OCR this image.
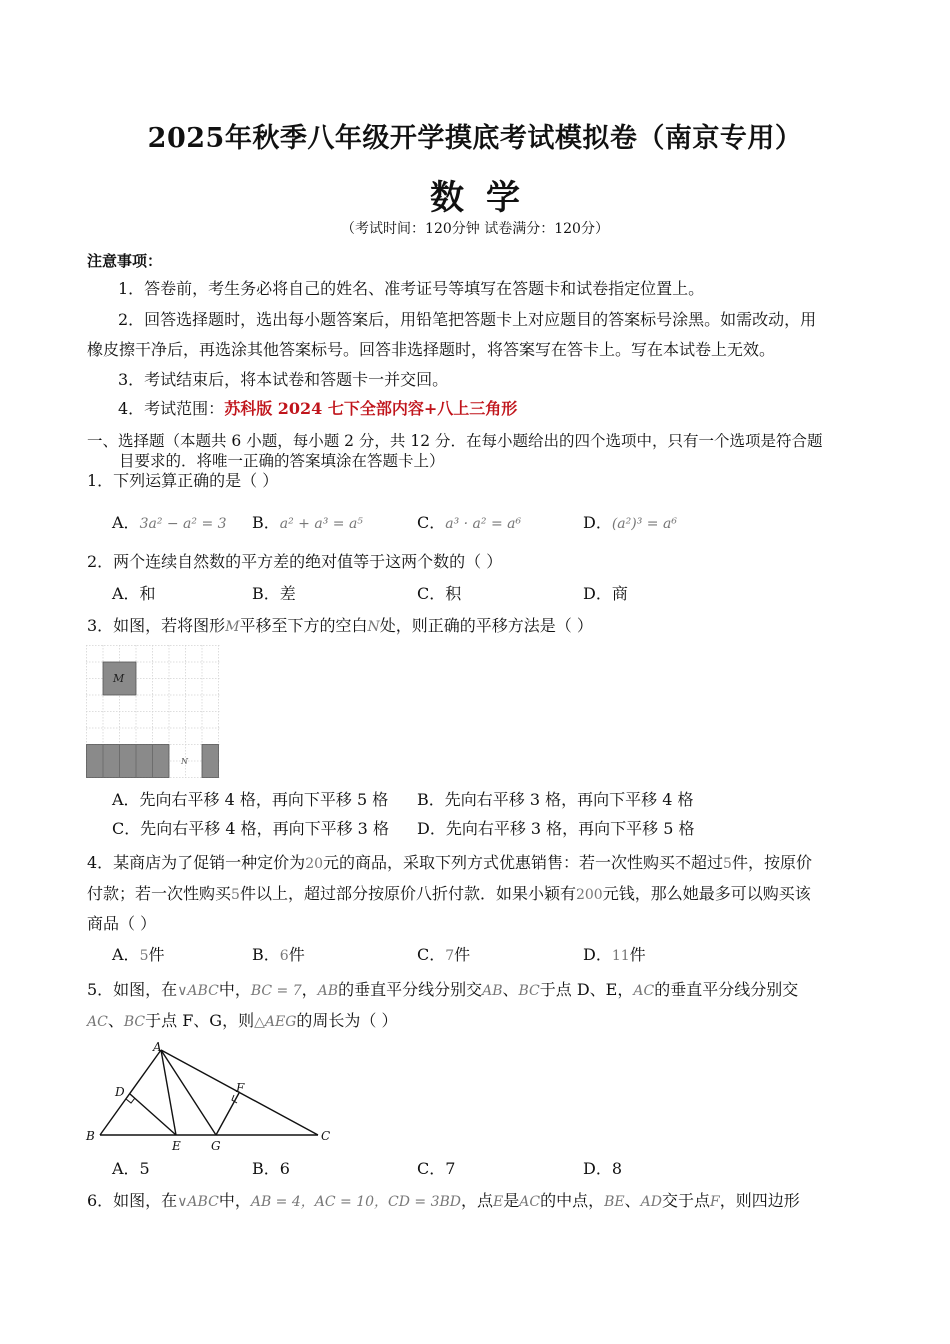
2025年秋季八年级开学摸底考试模拟卷（南京专用）
数学
（考试时间：120分钟 试卷满分：120分）
注意事项：
1．答卷前，考生务必将自己的姓名、准考证号等填写在答题卡和试卷指定位置上。
2．回答选择题时，选出每小题答案后，用铅笔把答题卡上对应题目的答案标号涂黑。如需改动，用
橡皮擦干净后，再选涂其他答案标号。回答非选择题时，将答案写在答卡上。写在本试卷上无效。
3．考试结束后，将本试卷和答题卡一并交回。
4．考试范围：苏科版 2024 七下全部内容+八上三角形
一、选择题（本题共 6 小题，每小题 2 分，共 12 分．在每小题给出的四个选项中，只有一个选项是符合题
目要求的．将唯一正确的答案填涂在答题卡上）
1．下列运算正确的是（ ）
A．3a² − a² = 3 B．a² + a³ = a⁵	C．a³ · a² = a⁶	D．(a²)³ = a⁶
2．两个连续自然数的平方差的绝对值等于这两个数的（ ）
A．和	B．差	C．积	D．商
3．如图，若将图形M平移至下方的空白N处，则正确的平移方法是（ ）
M
N
A．先向右平移 4 格，再向下平移 5 格 B．先向右平移 3 格，再向下平移 4 格
C．先向右平移 4 格，再向下平移 3 格 D．先向右平移 3 格，再向下平移 5 格
4．某商店为了促销一种定价为20元的商品，采取下列方式优惠销售：若一次性购买不超过5件，按原价
付款；若一次性购买5件以上，超过部分按原价八折付款．如果小颖有200元钱，那么她最多可以购买该
商品（ ）
A．5件	B．6件	C．7件	D．11件
5．如图，在∨ABC中，BC = 7，AB的垂直平分线分别交AB、BC于点 D、E，AC的垂直平分线分别交
AC、BC于点 F、G，则△AEG的周长为（ ）
A
B	C
D
E
F
G
A．5	B．6	C．7	D．8
6．如图，在∨ABC中，AB = 4，AC = 10，CD = 3BD，点E是AC的中点，BE、AD交于点F，则四边形
